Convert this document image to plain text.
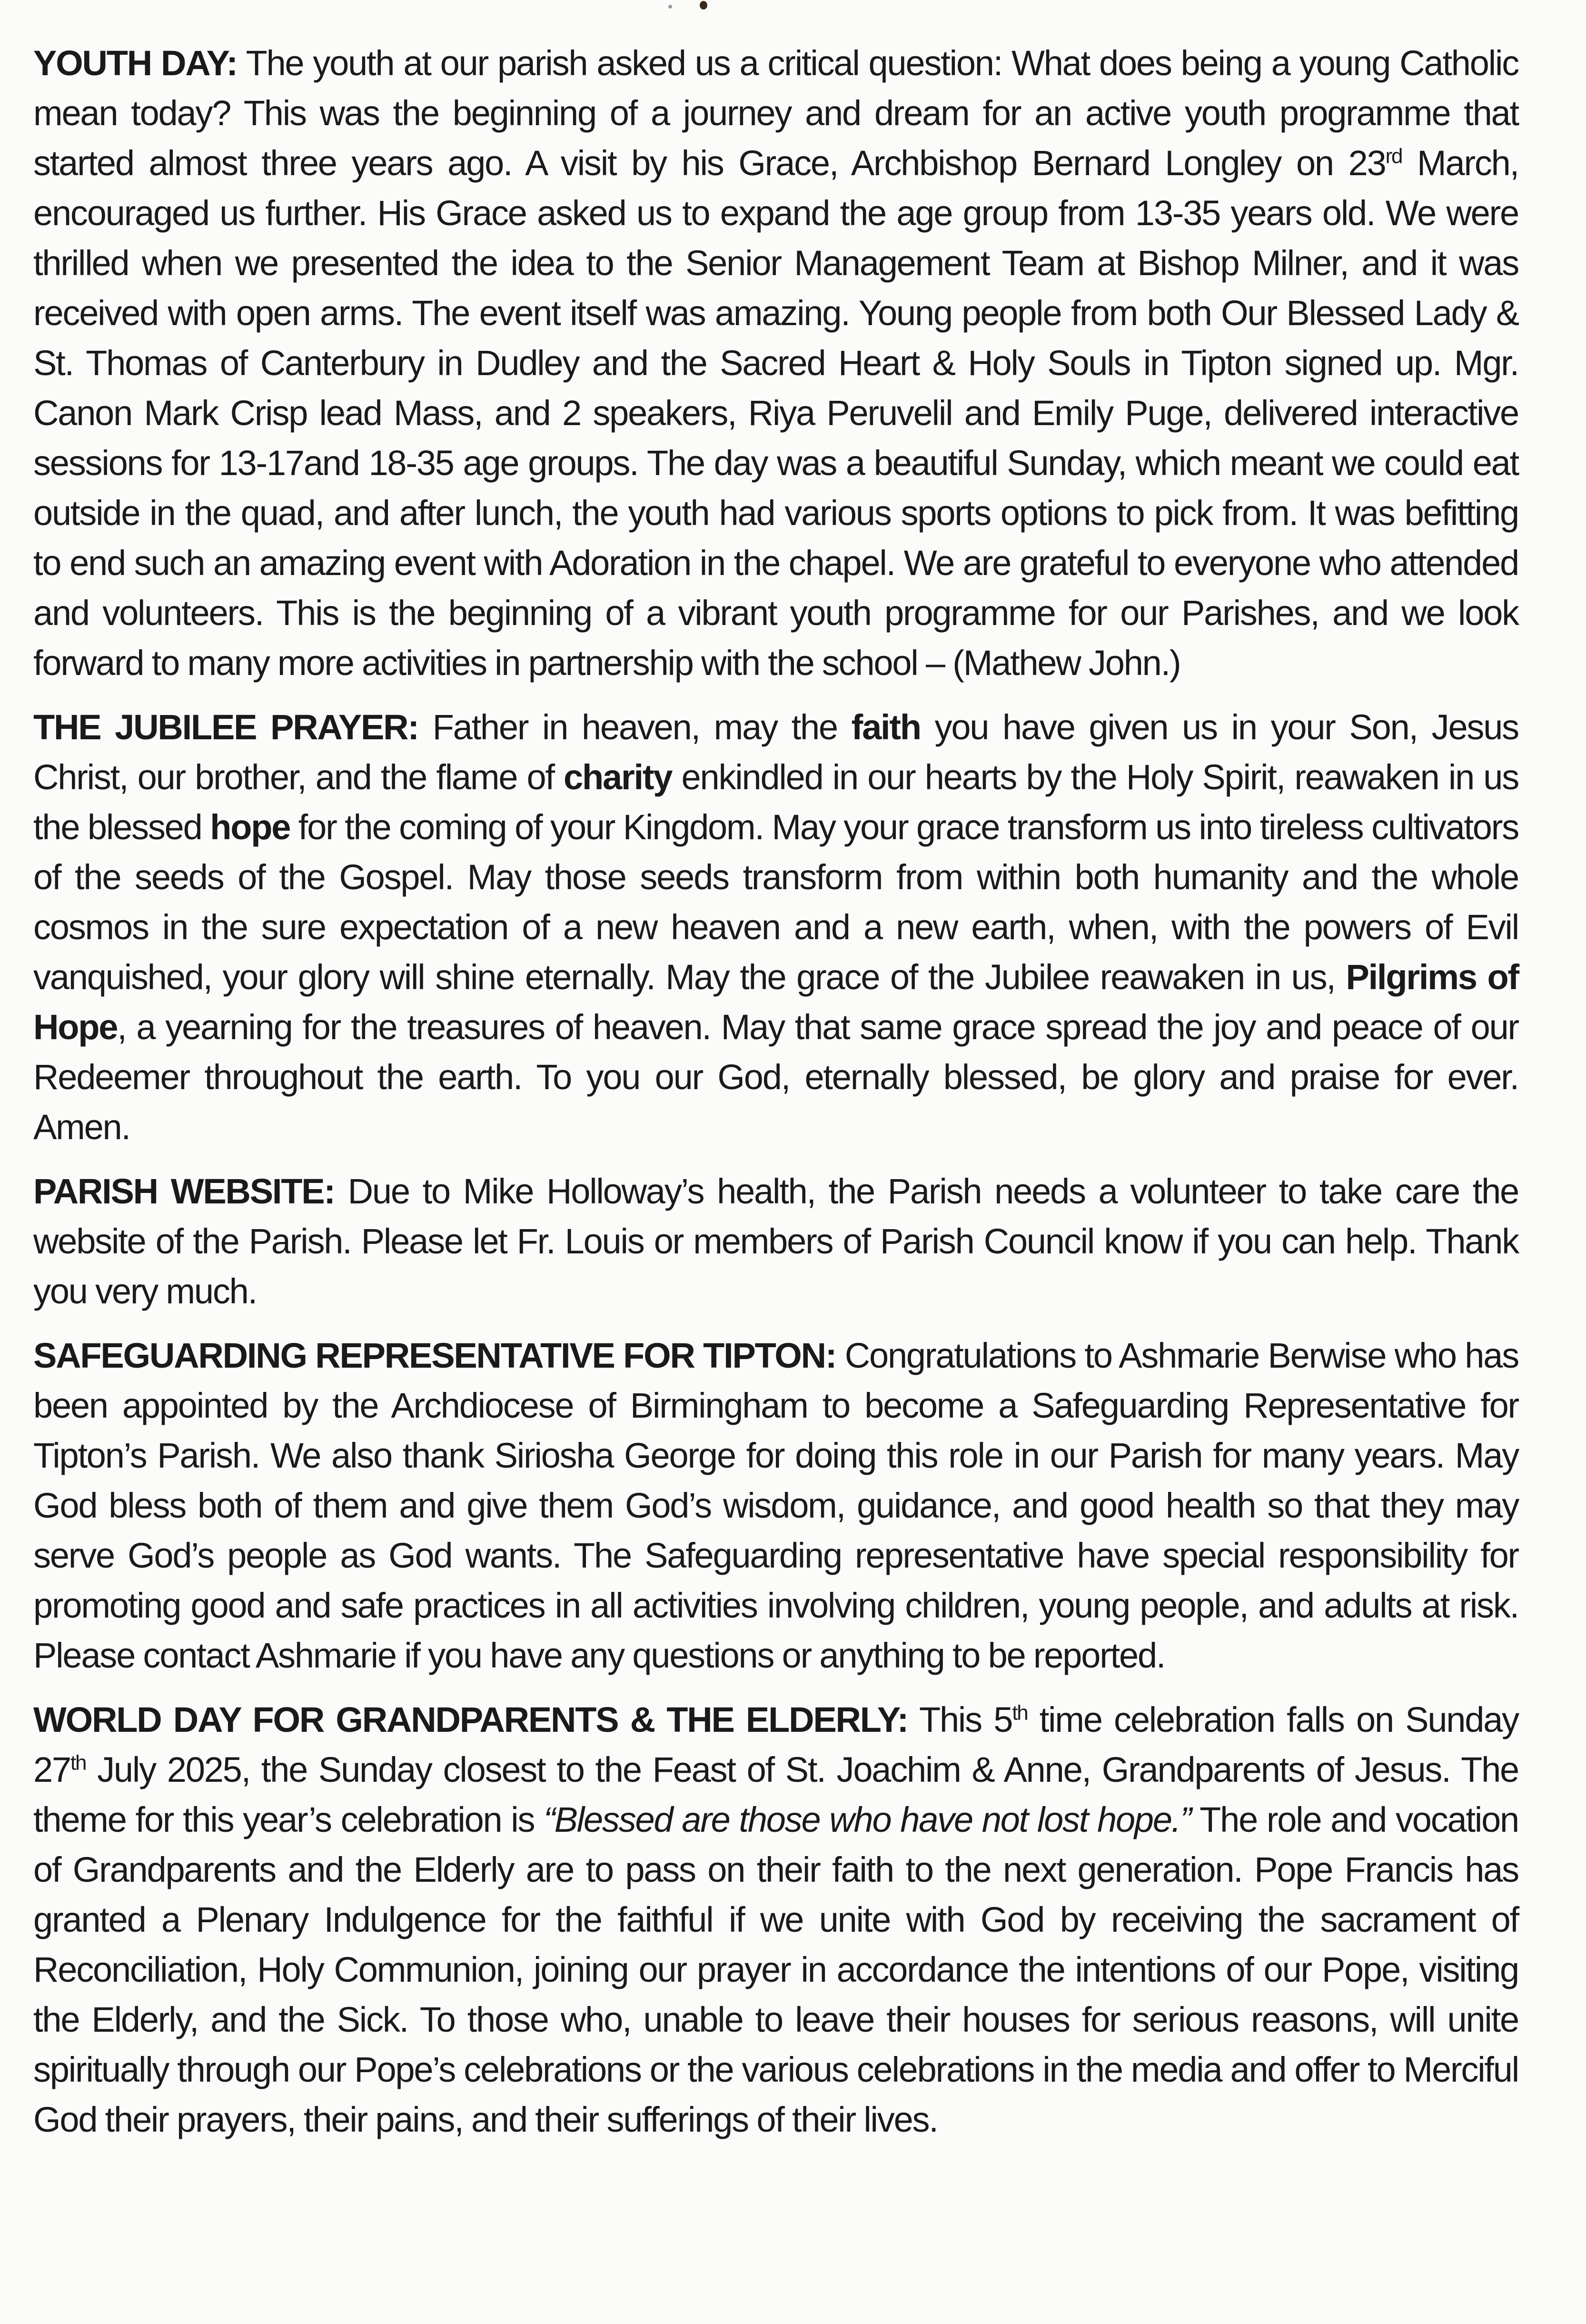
YOUTH DAY: The youth at our parish asked us a critical question: What does being a young Catholic mean today? This was the beginning of a journey and dream for an active youth programme that started almost three years ago. A visit by his Grace, Archbishop Bernard Longley on 23rd March, encouraged us further. His Grace asked us to expand the age group from 13-35 years old. We were thrilled when we presented the idea to the Senior Management Team at Bishop Milner, and it was received with open arms. The event itself was amazing. Young people from both Our Blessed Lady & St. Thomas of Canterbury in Dudley and the Sacred Heart & Holy Souls in Tipton signed up. Mgr. Canon Mark Crisp lead Mass, and 2 speakers, Riya Peruvelil and Emily Puge, delivered interactive sessions for 13-17and 18-35 age groups. The day was a beautiful Sunday, which meant we could eat outside in the quad, and after lunch, the youth had various sports options to pick from. It was befitting to end such an amazing event with Adoration in the chapel. We are grateful to everyone who attended and volunteers. This is the beginning of a vibrant youth programme for our Parishes, and we look forward to many more activities in partnership with the school – (Mathew John.)

THE JUBILEE PRAYER: Father in heaven, may the faith you have given us in your Son, Jesus Christ, our brother, and the flame of charity enkindled in our hearts by the Holy Spirit, reawaken in us the blessed hope for the coming of your Kingdom. May your grace transform us into tireless cultivators of the seeds of the Gospel. May those seeds transform from within both humanity and the whole cosmos in the sure expectation of a new heaven and a new earth, when, with the powers of Evil vanquished, your glory will shine eternally. May the grace of the Jubilee reawaken in us, Pilgrims of Hope, a yearning for the treasures of heaven. May that same grace spread the joy and peace of our Redeemer throughout the earth. To you our God, eternally blessed, be glory and praise for ever. Amen.

PARISH WEBSITE: Due to Mike Holloway’s health, the Parish needs a volunteer to take care the website of the Parish. Please let Fr. Louis or members of Parish Council know if you can help. Thank you very much.

SAFEGUARDING REPRESENTATIVE FOR TIPTON: Congratulations to Ashmarie Berwise who has been appointed by the Archdiocese of Birmingham to become a Safeguarding Representative for Tipton’s Parish. We also thank Siriosha George for doing this role in our Parish for many years. May God bless both of them and give them God’s wisdom, guidance, and good health so that they may serve God’s people as God wants. The Safeguarding representative have special responsibility for promoting good and safe practices in all activities involving children, young people, and adults at risk. Please contact Ashmarie if you have any questions or anything to be reported.

WORLD DAY FOR GRANDPARENTS & THE ELDERLY: This 5th time celebration falls on Sunday 27th July 2025, the Sunday closest to the Feast of St. Joachim & Anne, Grandparents of Jesus. The theme for this year’s celebration is “Blessed are those who have not lost hope.” The role and vocation of Grandparents and the Elderly are to pass on their faith to the next generation. Pope Francis has granted a Plenary Indulgence for the faithful if we unite with God by receiving the sacrament of Reconciliation, Holy Communion, joining our prayer in accordance the intentions of our Pope, visiting the Elderly, and the Sick. To those who, unable to leave their houses for serious reasons, will unite spiritually through our Pope’s celebrations or the various celebrations in the media and offer to Merciful God their prayers, their pains, and their sufferings of their lives.
